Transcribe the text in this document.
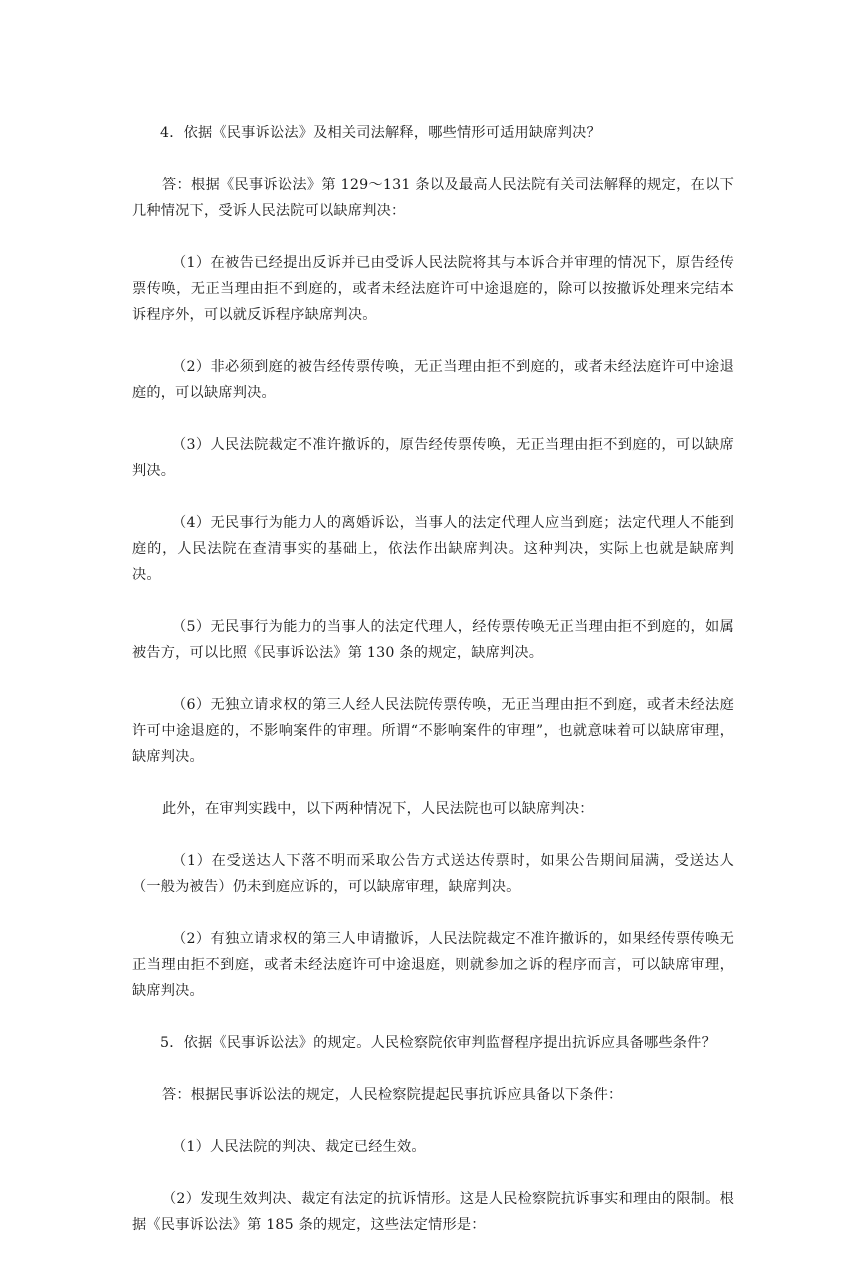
4．依据《民事诉讼法》及相关司法解释，哪些情形可适用缺席判决？

答：根据《民事诉讼法》第 129～131 条以及最高人民法院有关司法解释的规定，在以下几种情况下，受诉人民法院可以缺席判决：

（1）在被告已经提出反诉并已由受诉人民法院将其与本诉合并审理的情况下，原告经传票传唤，无正当理由拒不到庭的，或者未经法庭许可中途退庭的，除可以按撤诉处理来完结本诉程序外，可以就反诉程序缺席判决。

（2）非必须到庭的被告经传票传唤，无正当理由拒不到庭的，或者未经法庭许可中途退庭的，可以缺席判决。

（3）人民法院裁定不准许撤诉的，原告经传票传唤，无正当理由拒不到庭的，可以缺席判决。

（4）无民事行为能力人的离婚诉讼，当事人的法定代理人应当到庭；法定代理人不能到庭的，人民法院在查清事实的基础上，依法作出缺席判决。这种判决，实际上也就是缺席判决。

（5）无民事行为能力的当事人的法定代理人，经传票传唤无正当理由拒不到庭的，如属被告方，可以比照《民事诉讼法》第 130 条的规定，缺席判决。

（6）无独立请求权的第三人经人民法院传票传唤，无正当理由拒不到庭，或者未经法庭许可中途退庭的，不影响案件的审理。所谓“不影响案件的审理”，也就意味着可以缺席审理，缺席判决。

此外，在审判实践中，以下两种情况下，人民法院也可以缺席判决：

（1）在受送达人下落不明而采取公告方式送达传票时，如果公告期间届满，受送达人（一般为被告）仍未到庭应诉的，可以缺席审理，缺席判决。

（2）有独立请求权的第三人申请撤诉，人民法院裁定不准许撤诉的，如果经传票传唤无正当理由拒不到庭，或者未经法庭许可中途退庭，则就参加之诉的程序而言，可以缺席审理，缺席判决。

5．依据《民事诉讼法》的规定。人民检察院依审判监督程序提出抗诉应具备哪些条件？

答：根据民事诉讼法的规定，人民检察院提起民事抗诉应具备以下条件：

（1）人民法院的判决、裁定已经生效。

（2）发现生效判决、裁定有法定的抗诉情形。这是人民检察院抗诉事实和理由的限制。根据《民事诉讼法》第 185 条的规定，这些法定情形是：
